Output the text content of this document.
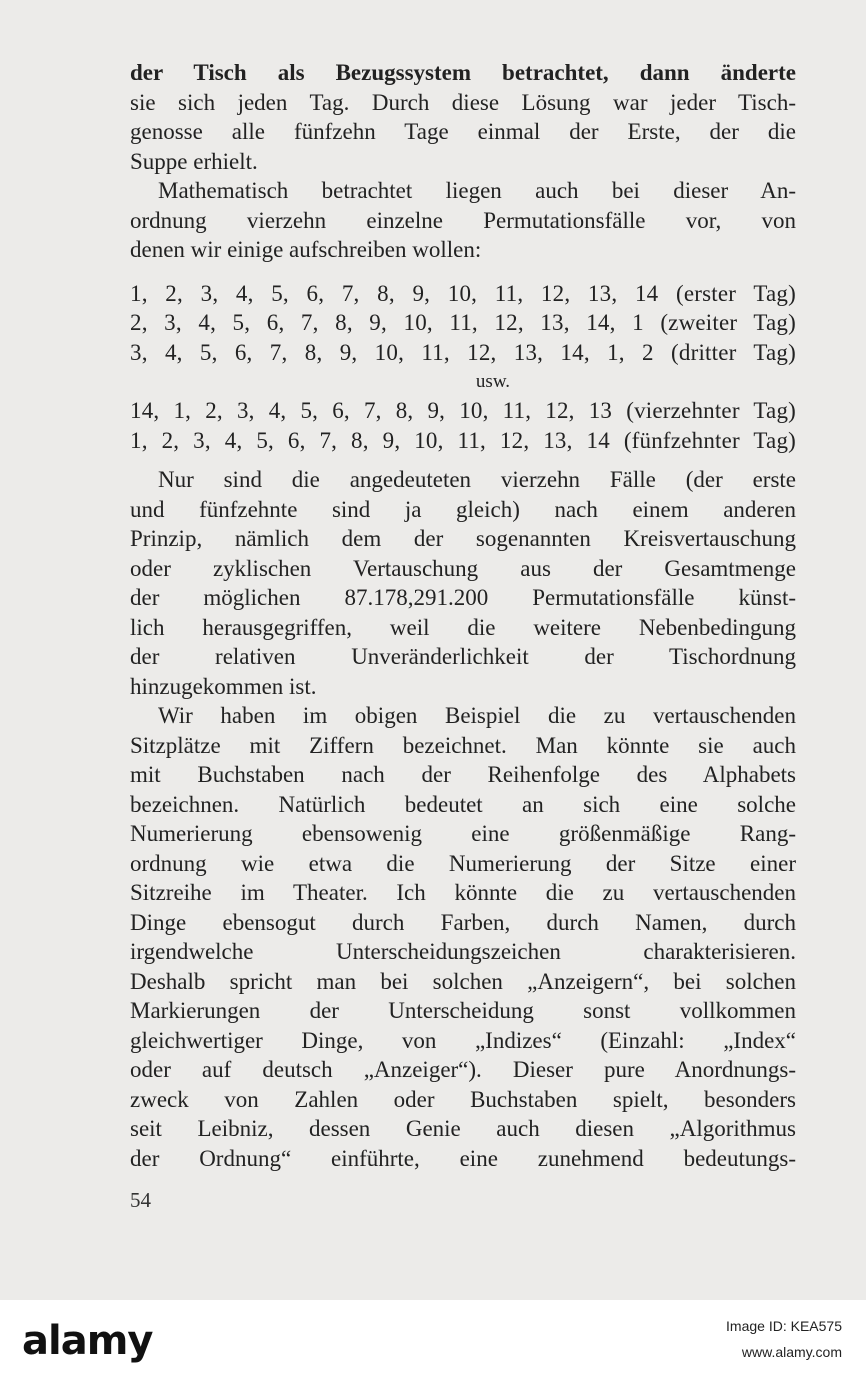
der Tisch als Bezugssystem betrachtet, dann änderte
sie sich jeden Tag. Durch diese Lösung war jeder Tisch-
genosse alle fünfzehn Tage einmal der Erste, der die
Suppe erhielt.
Mathematisch betrachtet liegen auch bei dieser An-
ordnung vierzehn einzelne Permutationsfälle vor, von
denen wir einige aufschreiben wollen:
1, 2, 3, 4, 5, 6, 7, 8, 9, 10, 11, 12, 13, 14 (erster Tag)
2, 3, 4, 5, 6, 7, 8, 9, 10, 11, 12, 13, 14, 1 (zweiter Tag)
3, 4, 5, 6, 7, 8, 9, 10, 11, 12, 13, 14, 1, 2 (dritter Tag)
usw.
14, 1, 2, 3, 4, 5, 6, 7, 8, 9, 10, 11, 12, 13 (vierzehnter Tag)
1, 2, 3, 4, 5, 6, 7, 8, 9, 10, 11, 12, 13, 14 (fünfzehnter Tag)
Nur sind die angedeuteten vierzehn Fälle (der erste
und fünfzehnte sind ja gleich) nach einem anderen
Prinzip, nämlich dem der sogenannten Kreisvertauschung
oder zyklischen Vertauschung aus der Gesamtmenge
der möglichen 87.178,291.200 Permutationsfälle künst-
lich herausgegriffen, weil die weitere Nebenbedingung
der relativen Unveränderlichkeit der Tischordnung
hinzugekommen ist.
Wir haben im obigen Beispiel die zu vertauschenden
Sitzplätze mit Ziffern bezeichnet. Man könnte sie auch
mit Buchstaben nach der Reihenfolge des Alphabets
bezeichnen. Natürlich bedeutet an sich eine solche
Numerierung ebensowenig eine größenmäßige Rang-
ordnung wie etwa die Numerierung der Sitze einer
Sitzreihe im Theater. Ich könnte die zu vertauschenden
Dinge ebensogut durch Farben, durch Namen, durch
irgendwelche Unterscheidungszeichen charakterisieren.
Deshalb spricht man bei solchen „Anzeigern“, bei solchen
Markierungen der Unterscheidung sonst vollkommen
gleichwertiger Dinge, von „Indizes“ (Einzahl: „Index“
oder auf deutsch „Anzeiger“). Dieser pure Anordnungs-
zweck von Zahlen oder Buchstaben spielt, besonders
seit Leibniz, dessen Genie auch diesen „Algorithmus
der Ordnung“ einführte, eine zunehmend bedeutungs-
54
alamy	Image ID: KEA575
www.alamy.com
